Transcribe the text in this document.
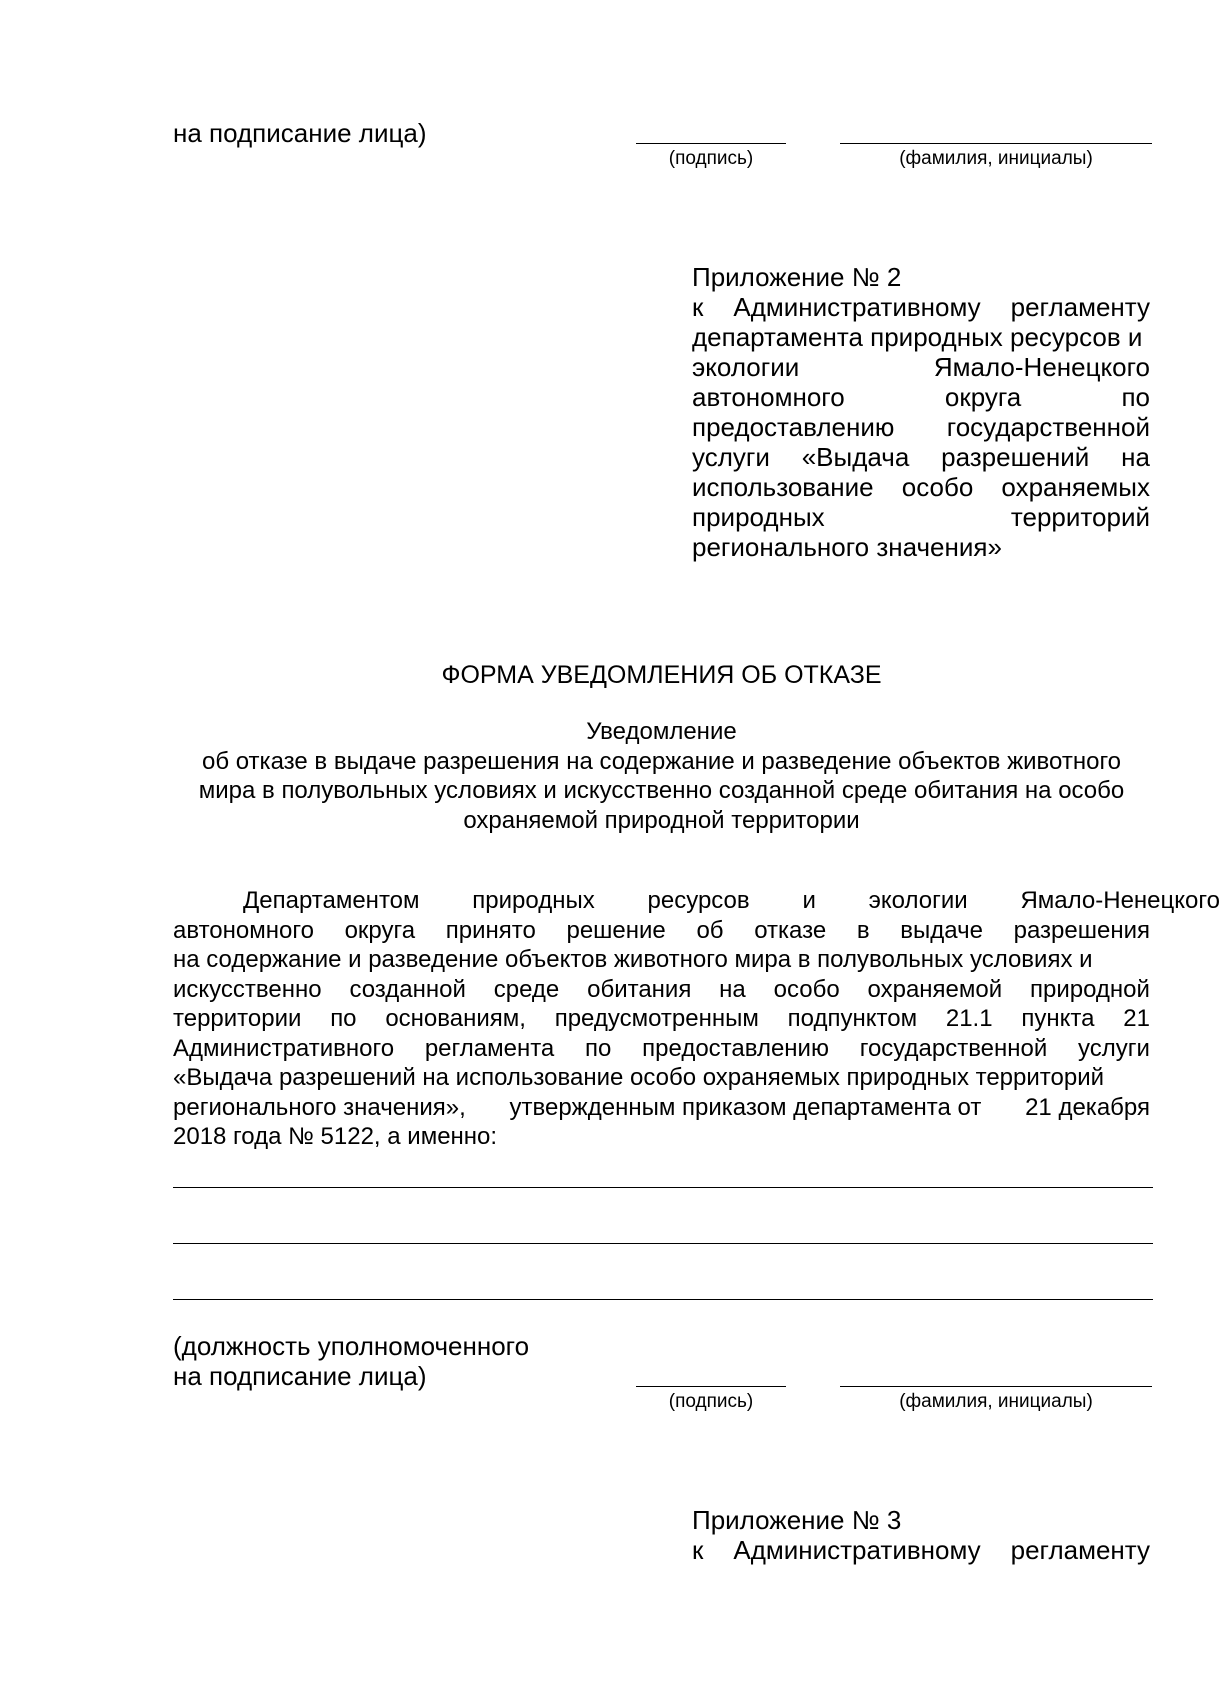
на подписание лица)
(подпись)	(фамилия, инициалы)
Приложение № 2
к Административному регламенту
департамента природных ресурсов и
экологии	Ямало-Ненецкого
автономного	округа	по
предоставлению государственной
услуги «Выдача разрешений на
использование особо охраняемых
природных	территорий
регионального значения»
ФОРМА УВЕДОМЛЕНИЯ ОБ ОТКАЗЕ
Уведомление
об отказе в выдаче разрешения на содержание и разведение объектов животного
мира в полувольных условиях и искусственно созданной среде обитания на особо
охраняемой природной территории
Департаментом природных ресурсов и экологии Ямало-Ненецкого
автономного округа принято решение об отказе в выдаче разрешения
на содержание и разведение объектов животного мира в полувольных условиях и
искусственно созданной среде обитания на особо охраняемой природной
территории по основаниям, предусмотренным подпунктом 21.1 пункта 21
Административного регламента по предоставлению государственной услуги
«Выдача разрешений на использование особо охраняемых природных территорий
регионального значения», утвержденным приказом департамента от 21 декабря
2018 года № 5122, а именно:
(должность уполномоченного
на подписание лица)
(подпись)	(фамилия, инициалы)
Приложение № 3
к Административному регламенту
